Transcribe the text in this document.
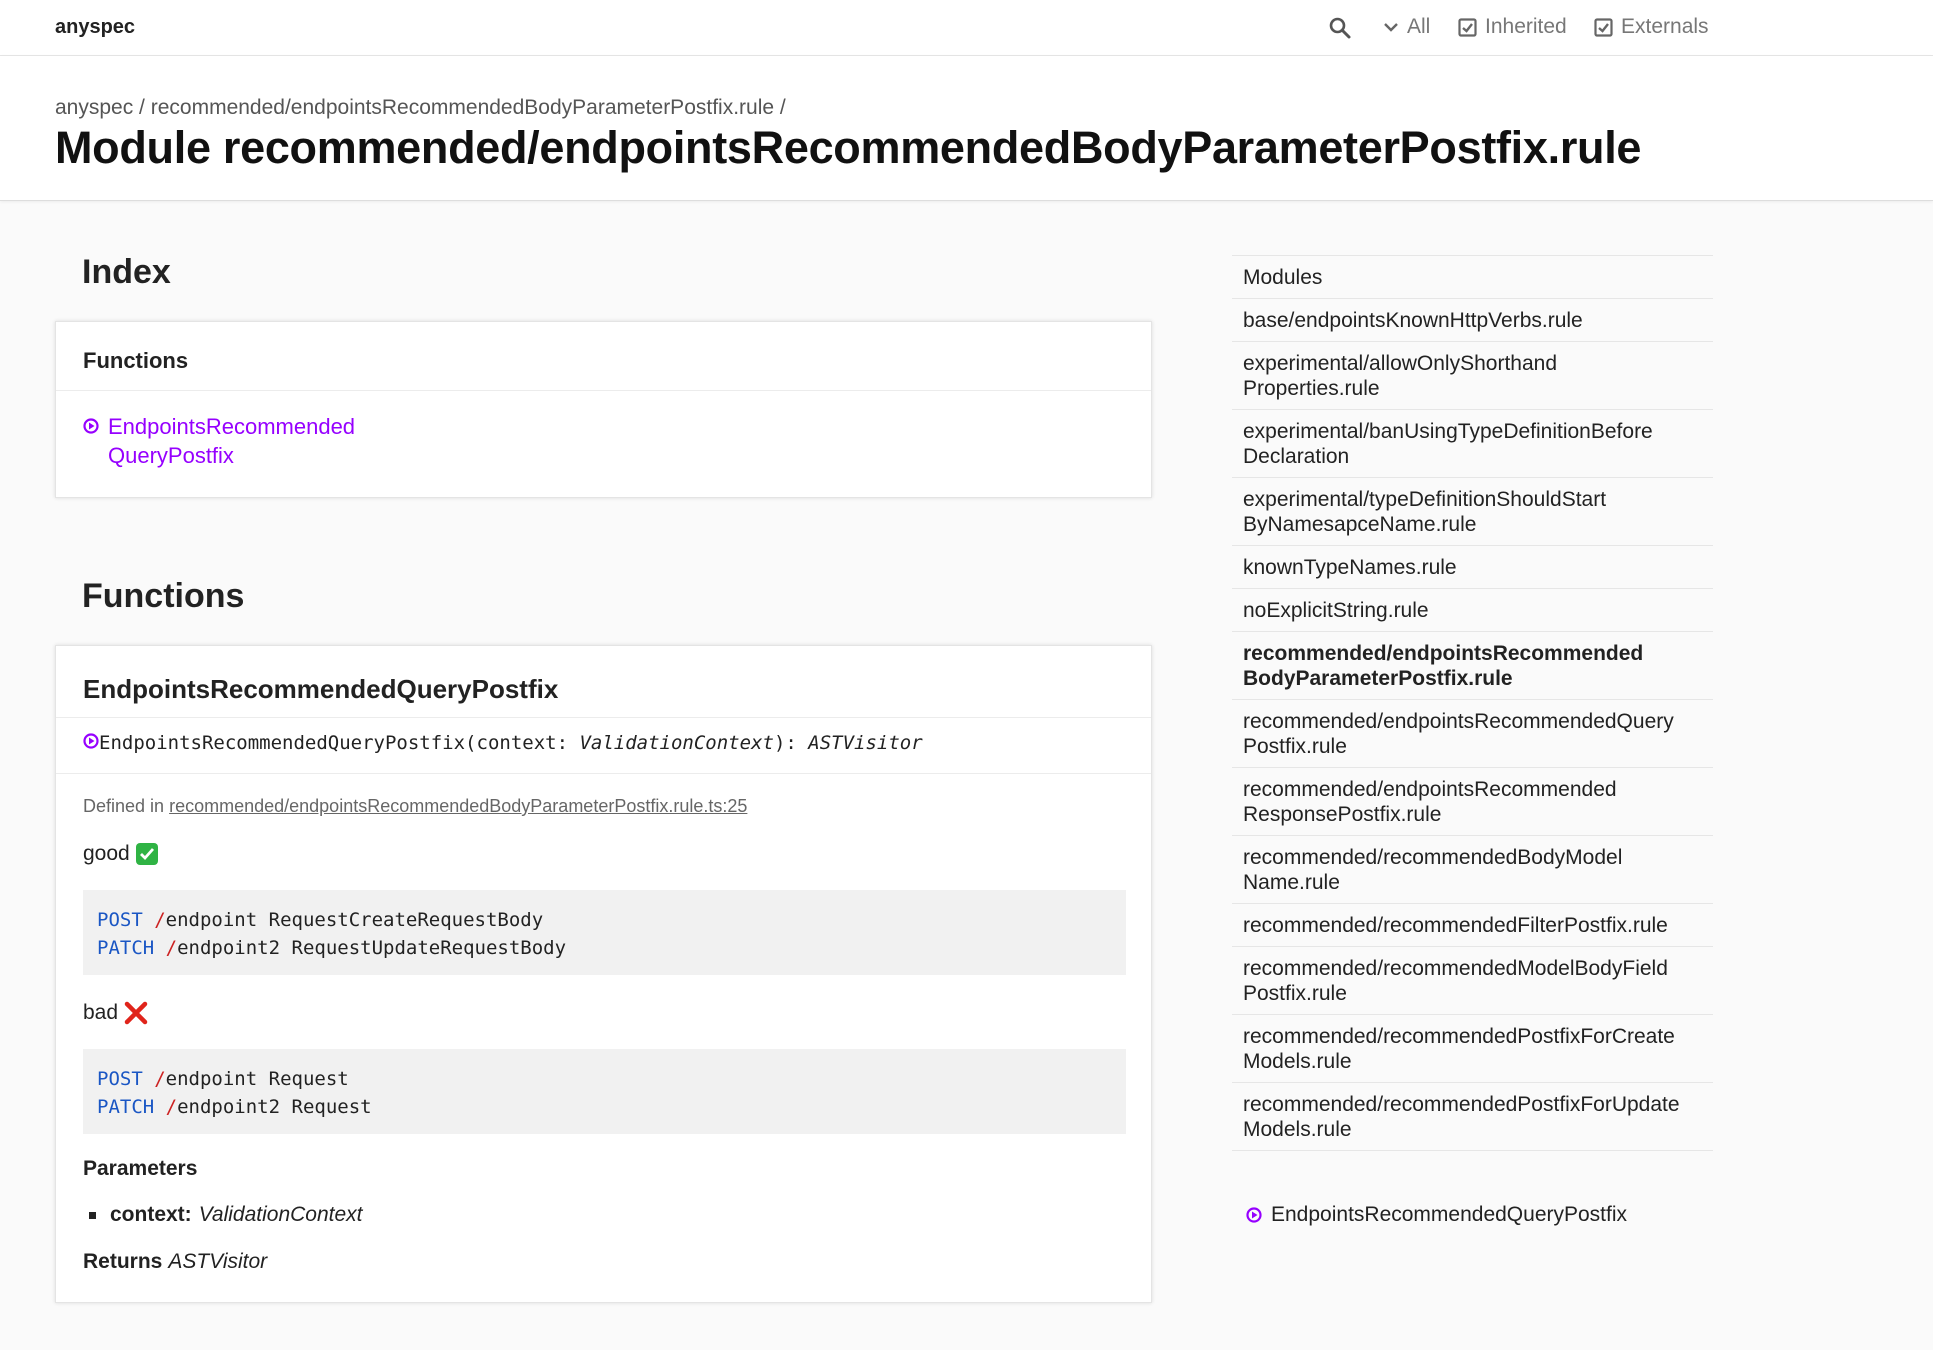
anyspec	All	Inherited	Externals
anyspec / recommended/endpointsRecommendedBodyParameterPostfix.rule /
Module recommended/endpointsRecommendedBodyParameterPostfix.rule
Index
Functions
EndpointsRecommended
QueryPostfix
Functions
EndpointsRecommendedQueryPostfix
EndpointsRecommendedQueryPostfix ( context : ValidationContext ): ASTVisitor
Defined in recommended/endpointsRecommendedBodyParameterPostfix.rule.ts:25
good
POST /endpoint RequestCreateRequestBody
PATCH /endpoint2 RequestUpdateRequestBody
bad
POST /endpoint Request
PATCH /endpoint2 Request
Parameters
context: ValidationContext
Returns ASTVisitor
Modules
base/endpointsKnownHttpVerbs.rule
experimental/allowOnlyShorthand
Properties.rule
experimental/banUsingTypeDefinitionBefore
Declaration
experimental/typeDefinitionShouldStart
ByNamesapceName.rule
knownTypeNames.rule
noExplicitString.rule
recommended/endpointsRecommended
BodyParameterPostfix.rule
recommended/endpointsRecommendedQuery
Postfix.rule
recommended/endpointsRecommended
ResponsePostfix.rule
recommended/recommendedBodyModel
Name.rule
recommended/recommendedFilterPostfix.rule
recommended/recommendedModelBodyField
Postfix.rule
recommended/recommendedPostfixForCreate
Models.rule
recommended/recommendedPostfixForUpdate
Models.rule
EndpointsRecommendedQueryPostfix
